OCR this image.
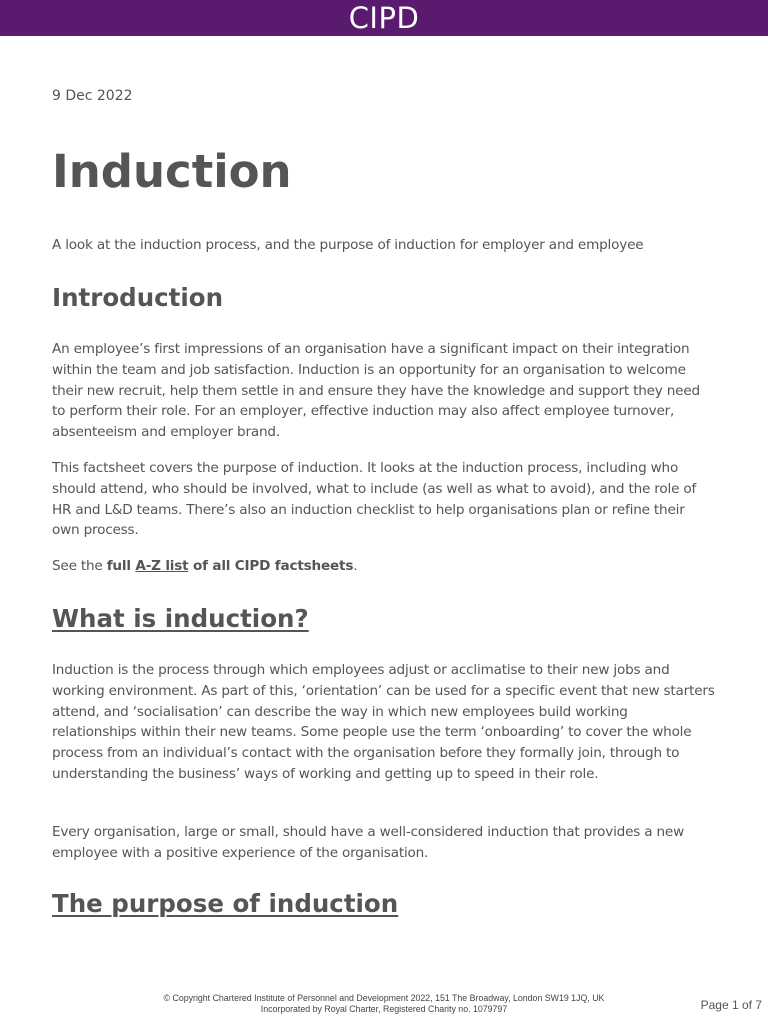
CIPD
9 Dec 2022
Induction
A look at the induction process, and the purpose of induction for employer and employee
Introduction

An employee’s first impressions of an organisation have a significant impact on their integration within the team and job satisfaction. Induction is an opportunity for an organisation to welcome their new recruit, help them settle in and ensure they have the knowledge and support they need to perform their role. For an employer, effective induction may also affect employee turnover, absenteeism and employer brand.

This factsheet covers the purpose of induction. It looks at the induction process, including who should attend, who should be involved, what to include (as well as what to avoid), and the role of HR and L&D teams. There’s also an induction checklist to help organisations plan or refine their own process.

See the full A-Z list of all CIPD factsheets.

What is induction?

Induction is the process through which employees adjust or acclimatise to their new jobs and working environment. As part of this, ‘orientation’ can be used for a specific event that new starters attend, and ‘socialisation’ can describe the way in which new employees build working relationships within their new teams. Some people use the term ‘onboarding’ to cover the whole process from an individual’s contact with the organisation before they formally join, through to understanding the business’ ways of working and getting up to speed in their role.

Every organisation, large or small, should have a well-considered induction that provides a new employee with a positive experience of the organisation.

The purpose of induction
© Copyright Chartered Institute of Personnel and Development 2022, 151 The Broadway, London SW19 1JQ, UK
Incorporated by Royal Charter, Registered Charity no. 1079797	Page 1 of 7
